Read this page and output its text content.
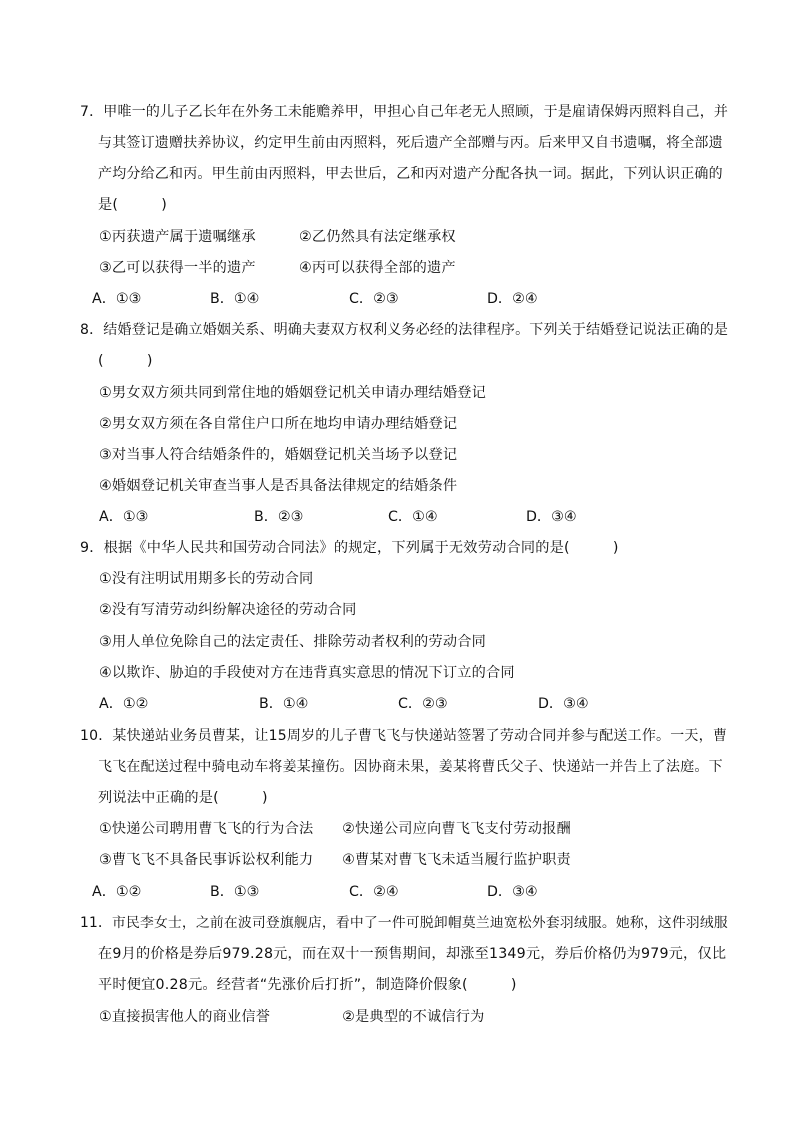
7．甲唯一的儿子乙长年在外务工未能赡养甲，甲担心自己年老无人照顾，于是雇请保姆丙照料自己，并
与其签订遗赠扶养协议，约定甲生前由丙照料，死后遗产全部赠与丙。后来甲又自书遗嘱，将全部遗
产均分给乙和丙。甲生前由丙照料，甲去世后，乙和丙对遗产分配各执一词。据此，下列认识正确的
是(　　　)
①丙获遗产属于遗嘱继承　　　②乙仍然具有法定继承权
③乙可以获得一半的遗产　　　④丙可以获得全部的遗产
A．①③	B．①④	C．②③	D．②④
8．结婚登记是确立婚姻关系、明确夫妻双方权利义务必经的法律程序。下列关于结婚登记说法正确的是
(　　　)
①男女双方须共同到常住地的婚姻登记机关申请办理结婚登记
②男女双方须在各自常住户口所在地均申请办理结婚登记
③对当事人符合结婚条件的，婚姻登记机关当场予以登记
④婚姻登记机关审查当事人是否具备法律规定的结婚条件
A．①③	B．②③	C．①④	D．③④
9．根据《中华人民共和国劳动合同法》的规定，下列属于无效劳动合同的是(　　　)
①没有注明试用期多长的劳动合同
②没有写清劳动纠纷解决途径的劳动合同
③用人单位免除自己的法定责任、排除劳动者权利的劳动合同
④以欺诈、胁迫的手段使对方在违背真实意思的情况下订立的合同
A．①②	B．①④	C．②③	D．③④
10．某快递站业务员曹某，让15周岁的儿子曹飞飞与快递站签署了劳动合同并参与配送工作。一天，曹
飞飞在配送过程中骑电动车将姜某撞伤。因协商未果，姜某将曹氏父子、快递站一并告上了法庭。下
列说法中正确的是(　　　)
①快递公司聘用曹飞飞的行为合法　　②快递公司应向曹飞飞支付劳动报酬
③曹飞飞不具备民事诉讼权利能力　　④曹某对曹飞飞未适当履行监护职责
A．①②	B．①③	C．②④	D．③④
11．市民李女士，之前在波司登旗舰店，看中了一件可脱卸帽莫兰迪宽松外套羽绒服。她称，这件羽绒服
在9月的价格是券后979.28元，而在双十一预售期间，却涨至1349元，券后价格仍为979元，仅比
平时便宜0.28元。经营者“先涨价后打折”，制造降价假象(　　　)
①直接损害他人的商业信誉　　　　　②是典型的不诚信行为
